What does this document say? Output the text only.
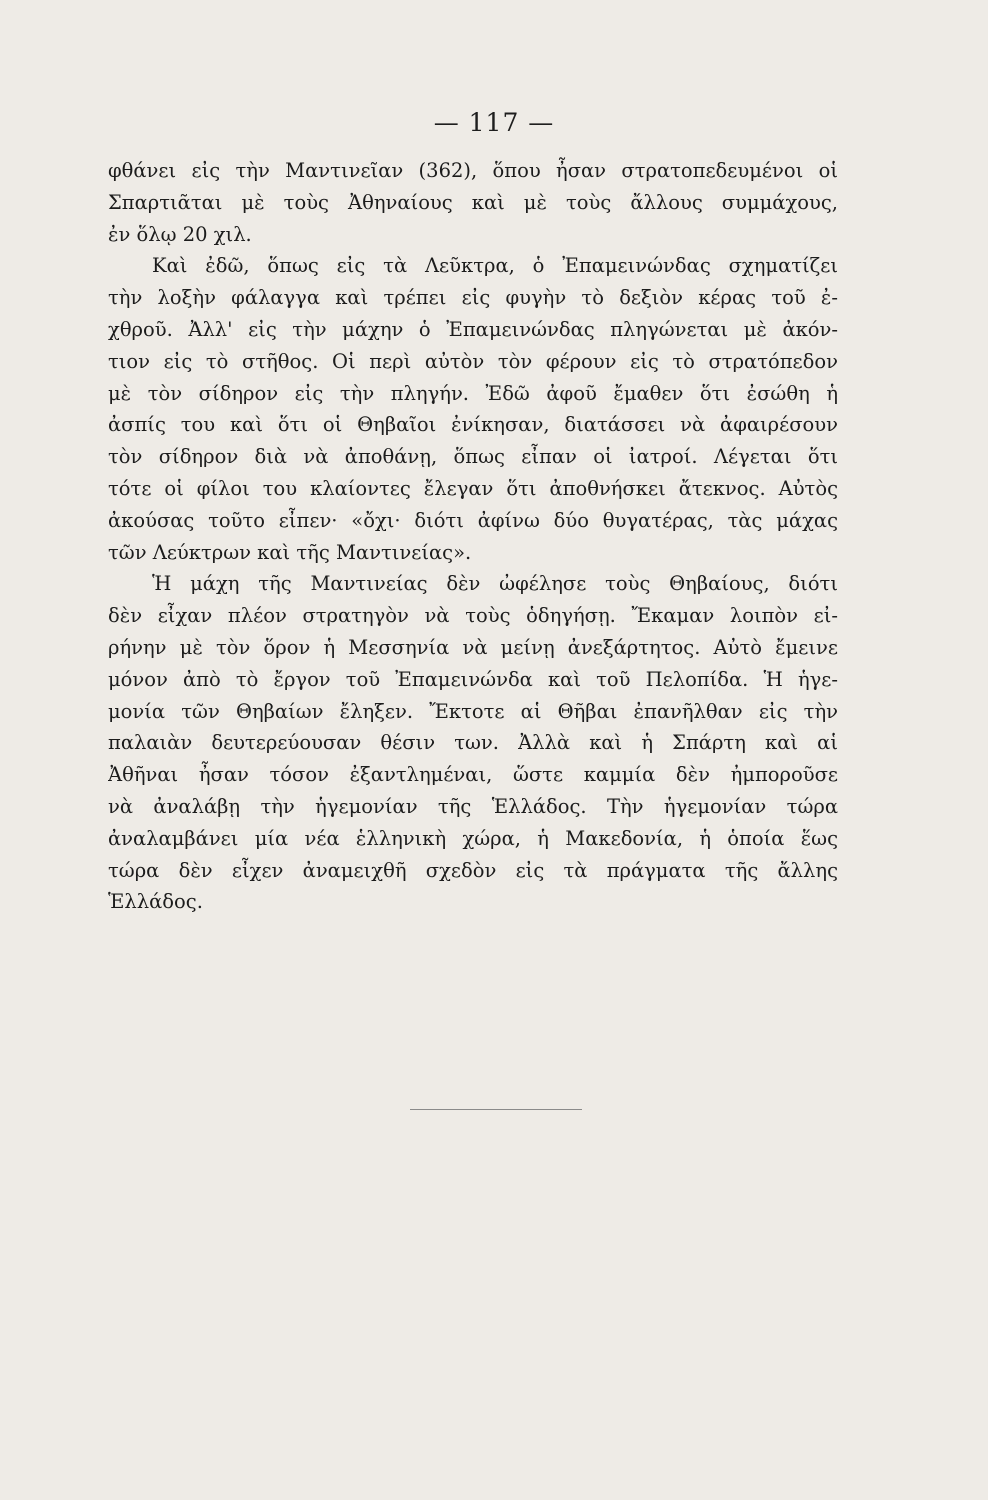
— 117 —
φθάνει εἰς τὴν Μαντινεῖαν (362), ὅπου ἦσαν στρατοπεδευμένοι οἱ
Σπαρτιᾶται μὲ τοὺς Ἀθηναίους καὶ μὲ τοὺς ἄλλους συμμάχους,
ἐν ὅλῳ 20 χιλ.
Καὶ ἐδῶ, ὅπως εἰς τὰ Λεῦκτρα, ὁ Ἐπαμεινώνδας σχηματίζει
τὴν λοξὴν φάλαγγα καὶ τρέπει εἰς φυγὴν τὸ δεξιὸν κέρας τοῦ ἐ-
χθροῦ. Ἀλλ' εἰς τὴν μάχην ὁ Ἐπαμεινώνδας πληγώνεται μὲ ἀκόν-
τιον εἰς τὸ στῆθος. Οἱ περὶ αὐτὸν τὸν φέρουν εἰς τὸ στρατόπεδον
μὲ τὸν σίδηρον εἰς τὴν πληγήν. Ἐδῶ ἀφοῦ ἔμαθεν ὅτι ἐσώθη ἡ
ἀσπίς του καὶ ὅτι οἱ Θηβαῖοι ἐνίκησαν, διατάσσει νὰ ἀφαιρέσουν
τὸν σίδηρον διὰ νὰ ἀποθάνῃ, ὅπως εἶπαν οἱ ἰατροί. Λέγεται ὅτι
τότε οἱ φίλοι του κλαίοντες ἔλεγαν ὅτι ἀποθνήσκει ἄτεκνος. Αὐτὸς
ἀκούσας τοῦτο εἶπεν· «ὄχι· διότι ἀφίνω δύο θυγατέρας, τὰς μάχας
τῶν Λεύκτρων καὶ τῆς Μαντινείας».
Ἡ μάχη τῆς Μαντινείας δὲν ὠφέλησε τοὺς Θηβαίους, διότι
δὲν εἶχαν πλέον στρατηγὸν νὰ τοὺς ὁδηγήσῃ. Ἔκαμαν λοιπὸν εἰ-
ρήνην μὲ τὸν ὅρον ἡ Μεσσηνία νὰ μείνῃ ἀνεξάρτητος. Αὐτὸ ἔμεινε
μόνον ἀπὸ τὸ ἔργον τοῦ Ἐπαμεινώνδα καὶ τοῦ Πελοπίδα. Ἡ ἡγε-
μονία τῶν Θηβαίων ἔληξεν. Ἔκτοτε αἱ Θῆβαι ἐπανῆλθαν εἰς τὴν
παλαιὰν δευτερεύουσαν θέσιν των. Ἀλλὰ καὶ ἡ Σπάρτη καὶ αἱ
Ἀθῆναι ἦσαν τόσον ἐξαντλημέναι, ὥστε καμμία δὲν ἠμποροῦσε
νὰ ἀναλάβῃ τὴν ἡγεμονίαν τῆς Ἑλλάδος. Τὴν ἡγεμονίαν τώρα
ἀναλαμβάνει μία νέα ἑλληνικὴ χώρα, ἡ Μακεδονία, ἡ ὁποία ἕως
τώρα δὲν εἶχεν ἀναμειχθῆ σχεδὸν εἰς τὰ πράγματα τῆς ἄλλης
Ἑλλάδος.
